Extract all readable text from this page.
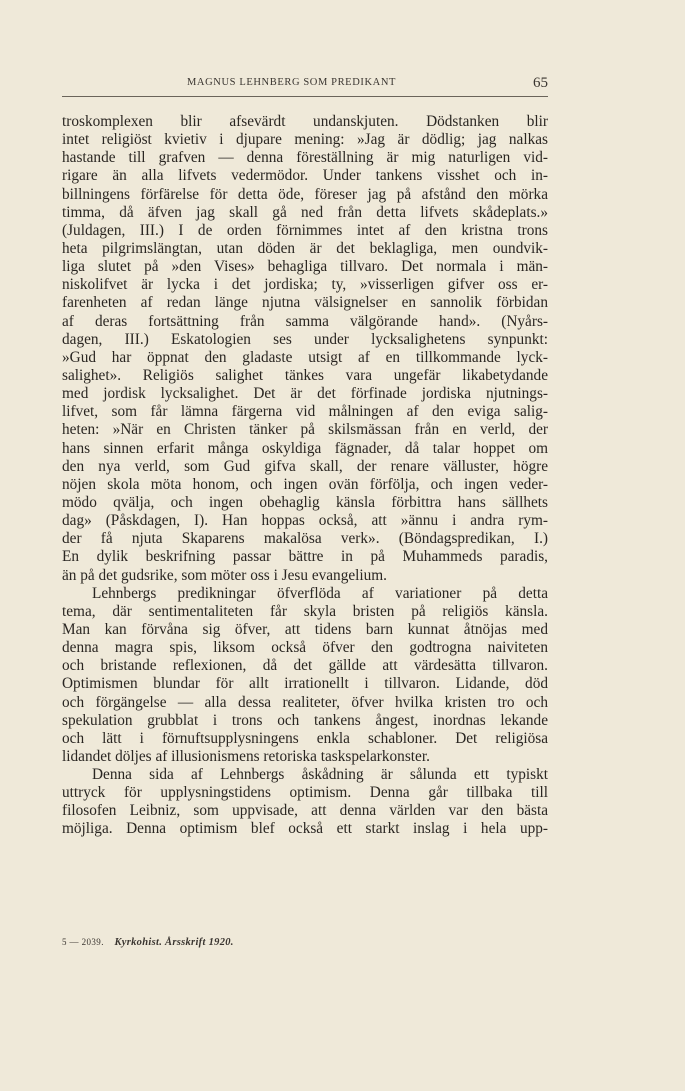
MAGNUS LEHNBERG SOM PREDIKANT	65
troskomplexen blir afsevärdt undanskjuten. Dödstanken blir
intet religiöst kvietiv i djupare mening: »Jag är dödlig; jag nalkas
hastande till grafven — denna föreställning är mig naturligen vid-
rigare än alla lifvets vedermödor. Under tankens visshet och in-
billningens förfärelse för detta öde, föreser jag på afstånd den mörka
timma, då äfven jag skall gå ned från detta lifvets skådeplats.»
(Juldagen, III.) I de orden förnimmes intet af den kristna trons
heta pilgrimslängtan, utan döden är det beklagliga, men oundvik-
liga slutet på »den Vises» behagliga tillvaro. Det normala i män-
niskolifvet är lycka i det jordiska; ty, »visserligen gifver oss er-
farenheten af redan länge njutna välsignelser en sannolik förbidan
af deras fortsättning från samma välgörande hand». (Nyårs-
dagen, III.) Eskatologien ses under lycksalighetens synpunkt:
»Gud har öppnat den gladaste utsigt af en tillkommande lyck-
salighet». Religiös salighet tänkes vara ungefär likabetydande
med jordisk lycksalighet. Det är det förfinade jordiska njutnings-
lifvet, som får lämna färgerna vid målningen af den eviga salig-
heten: »När en Christen tänker på skilsmässan från en verld, der
hans sinnen erfarit många oskyldiga fägnader, då talar hoppet om
den nya verld, som Gud gifva skall, der renare välluster, högre
nöjen skola möta honom, och ingen ovän förfölja, och ingen veder-
mödo qvälja, och ingen obehaglig känsla förbittra hans sällhets
dag» (Påskdagen, I). Han hoppas också, att »ännu i andra rym-
der få njuta Skaparens makalösa verk». (Böndagspredikan, I.)
En dylik beskrifning passar bättre in på Muhammeds paradis,
än på det gudsrike, som möter oss i Jesu evangelium.
Lehnbergs predikningar öfverflöda af variationer på detta
tema, där sentimentaliteten får skyla bristen på religiös känsla.
Man kan förvåna sig öfver, att tidens barn kunnat åtnöjas med
denna magra spis, liksom också öfver den godtrogna naiviteten
och bristande reflexionen, då det gällde att värdesätta tillvaron.
Optimismen blundar för allt irrationellt i tillvaron. Lidande, död
och förgängelse — alla dessa realiteter, öfver hvilka kristen tro och
spekulation grubblat i trons och tankens ångest, inordnas lekande
och lätt i förnuftsupplysningens enkla schabloner. Det religiösa
lidandet döljes af illusionismens retoriska taskspelarkonster.
Denna sida af Lehnbergs åskådning är sålunda ett typiskt
uttryck för upplysningstidens optimism. Denna går tillbaka till
filosofen Leibniz, som uppvisade, att denna världen var den bästa
möjliga. Denna optimism blef också ett starkt inslag i hela upp-
5 — 2039. Kyrkohist. Årsskrift 1920.
